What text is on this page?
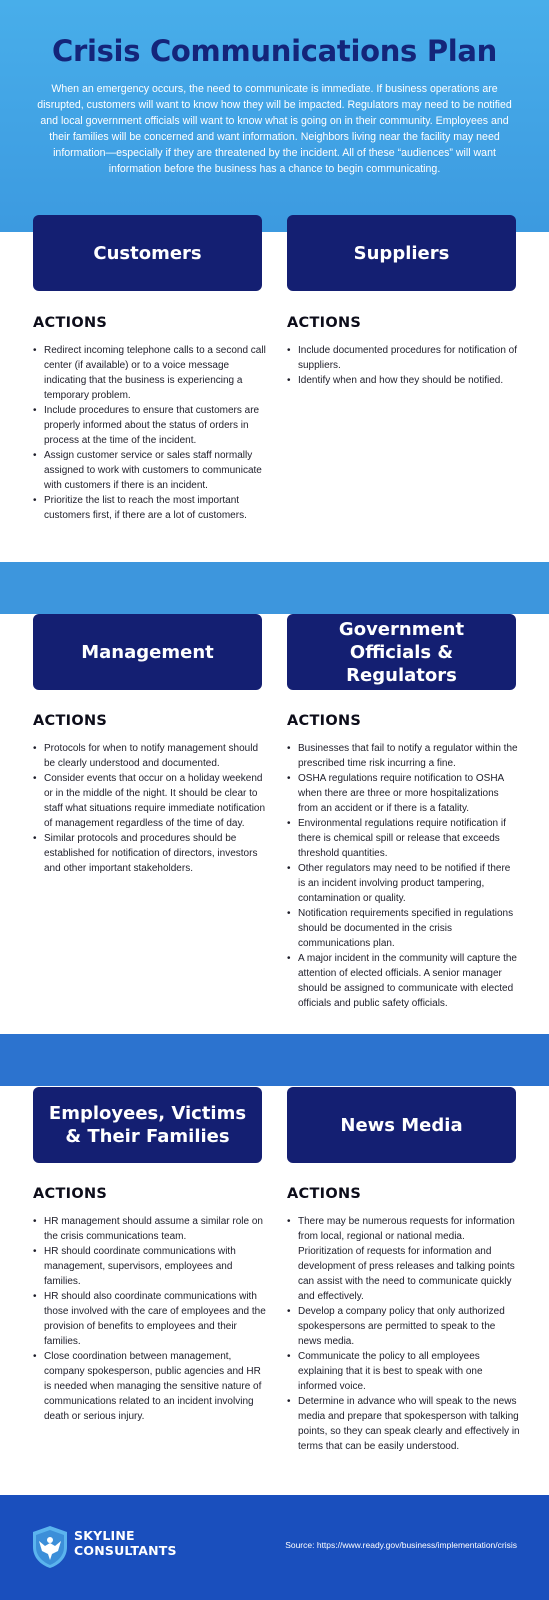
Crisis Communications Plan

When an emergency occurs, the need to communicate is immediate. If business operations are disrupted, customers will want to know how they will be impacted. Regulators may need to be notified and local government officials will want to know what is going on in their community. Employees and their families will be concerned and want information. Neighbors living near the facility may need information—especially if they are threatened by the incident. All of these “audiences” will want information before the business has a chance to begin communicating.

Customers	Suppliers
ACTIONS	ACTIONS
• Redirect incoming telephone calls to a second call center (if available) or to a voice message indicating that the business is experiencing a temporary problem.
• Include procedures to ensure that customers are properly informed about the status of orders in process at the time of the incident.
• Assign customer service or sales staff normally assigned to work with customers to communicate with customers if there is an incident.
• Prioritize the list to reach the most important customers first, if there are a lot of customers.
• Include documented procedures for notification of suppliers.
• Identify when and how they should be notified.
Management
Government Officials & Regulators
ACTIONS	ACTIONS
• Protocols for when to notify management should be clearly understood and documented.
• Consider events that occur on a holiday weekend or in the middle of the night. It should be clear to staff what situations require immediate notification of management regardless of the time of day.
• Similar protocols and procedures should be established for notification of directors, investors and other important stakeholders.
• Businesses that fail to notify a regulator within the prescribed time risk incurring a fine.
• OSHA regulations require notification to OSHA when there are three or more hospitalizations from an accident or if there is a fatality.
• Environmental regulations require notification if there is chemical spill or release that exceeds threshold quantities.
• Other regulators may need to be notified if there is an incident involving product tampering, contamination or quality.
• Notification requirements specified in regulations should be documented in the crisis communications plan.
• A major incident in the community will capture the attention of elected officials. A senior manager should be assigned to communicate with elected officials and public safety officials.
Employees, Victims & Their Families
News Media
ACTIONS	ACTIONS
• HR management should assume a similar role on the crisis communications team.
• HR should coordinate communications with management, supervisors, employees and families.
• HR should also coordinate communications with those involved with the care of employees and the provision of benefits to employees and their families.
• Close coordination between management, company spokesperson, public agencies and HR is needed when managing the sensitive nature of communications related to an incident involving death or serious injury.
• There may be numerous requests for information from local, regional or national media. Prioritization of requests for information and development of press releases and talking points can assist with the need to communicate quickly and effectively.
• Develop a company policy that only authorized spokespersons are permitted to speak to the news media.
• Communicate the policy to all employees explaining that it is best to speak with one informed voice.
• Determine in advance who will speak to the news media and prepare that spokesperson with talking points, so they can speak clearly and effectively in terms that can be easily understood.
SKYLINE
CONSULTANTS	Source: https://www.ready.gov/business/implementation/crisis
